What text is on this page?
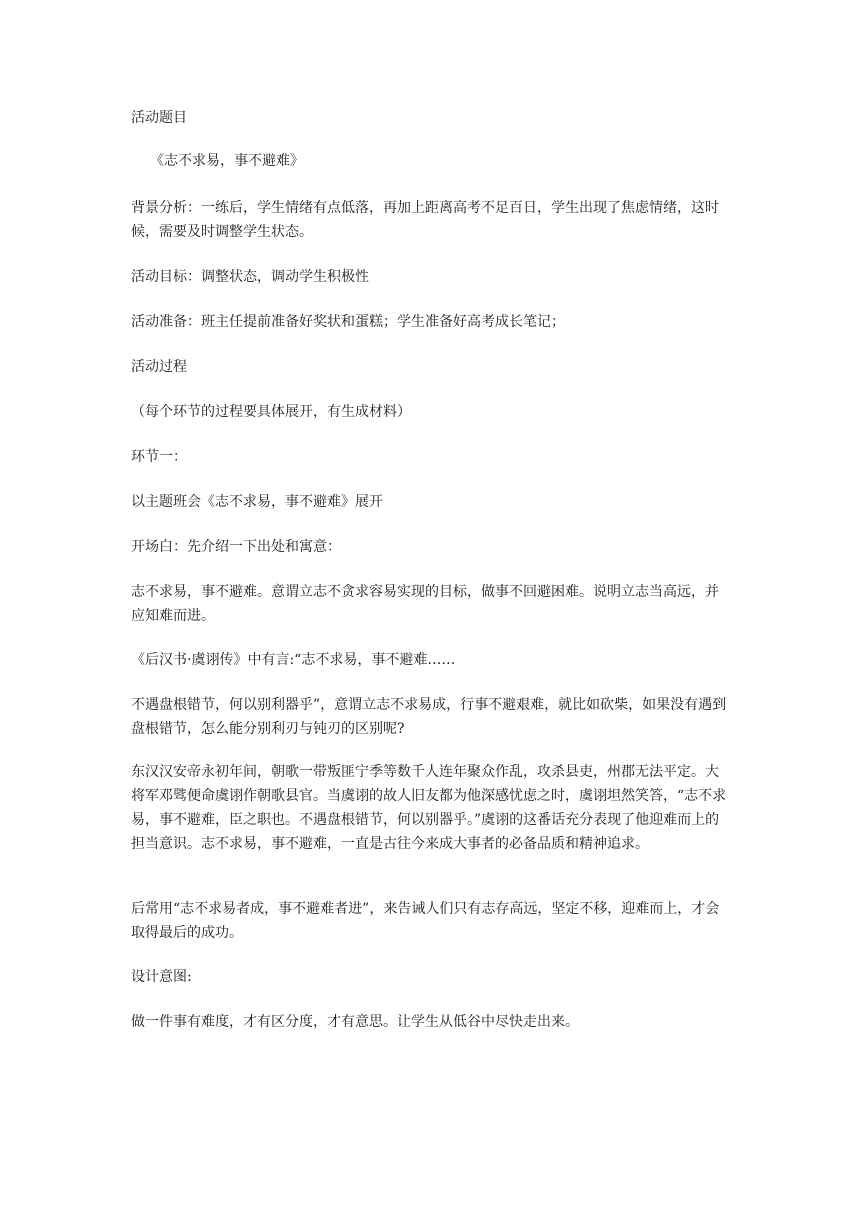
活动题目

《志不求易，事不避难》

背景分析：一练后，学生情绪有点低落，再加上距离高考不足百日，学生出现了焦虑情绪，这时候，需要及时调整学生状态。

活动目标：调整状态，调动学生积极性

活动准备：班主任提前准备好奖状和蛋糕；学生准备好高考成长笔记；

活动过程

（每个环节的过程要具体展开，有生成材料）

环节一：

以主题班会《志不求易，事不避难》展开

开场白：先介绍一下出处和寓意：

志不求易，事不避难。意谓立志不贪求容易实现的目标，做事不回避困难。说明立志当高远，并应知难而进。

《后汉书·虞诩传》中有言:“志不求易，事不避难……

不遇盘根错节，何以别利器乎”，意谓立志不求易成，行事不避艰难，就比如砍柴，如果没有遇到盘根错节，怎么能分别利刃与钝刃的区别呢?

东汉汉安帝永初年间，朝歌一带叛匪宁季等数千人连年聚众作乱，攻杀县吏，州郡无法平定。大将军邓骘便命虞诩作朝歌县官。当虞诩的故人旧友都为他深感忧虑之时，虞诩坦然笑答，“志不求易，事不避难，臣之职也。不遇盘根错节，何以别器乎。”虞诩的这番话充分表现了他迎难而上的担当意识。志不求易，事不避难，一直是古往今来成大事者的必备品质和精神追求。

后常用“志不求易者成，事不避难者进”，来告诫人们只有志存高远，坚定不移，迎难而上，才会取得最后的成功。

设计意图:

做一件事有难度，才有区分度，才有意思。让学生从低谷中尽快走出来。
